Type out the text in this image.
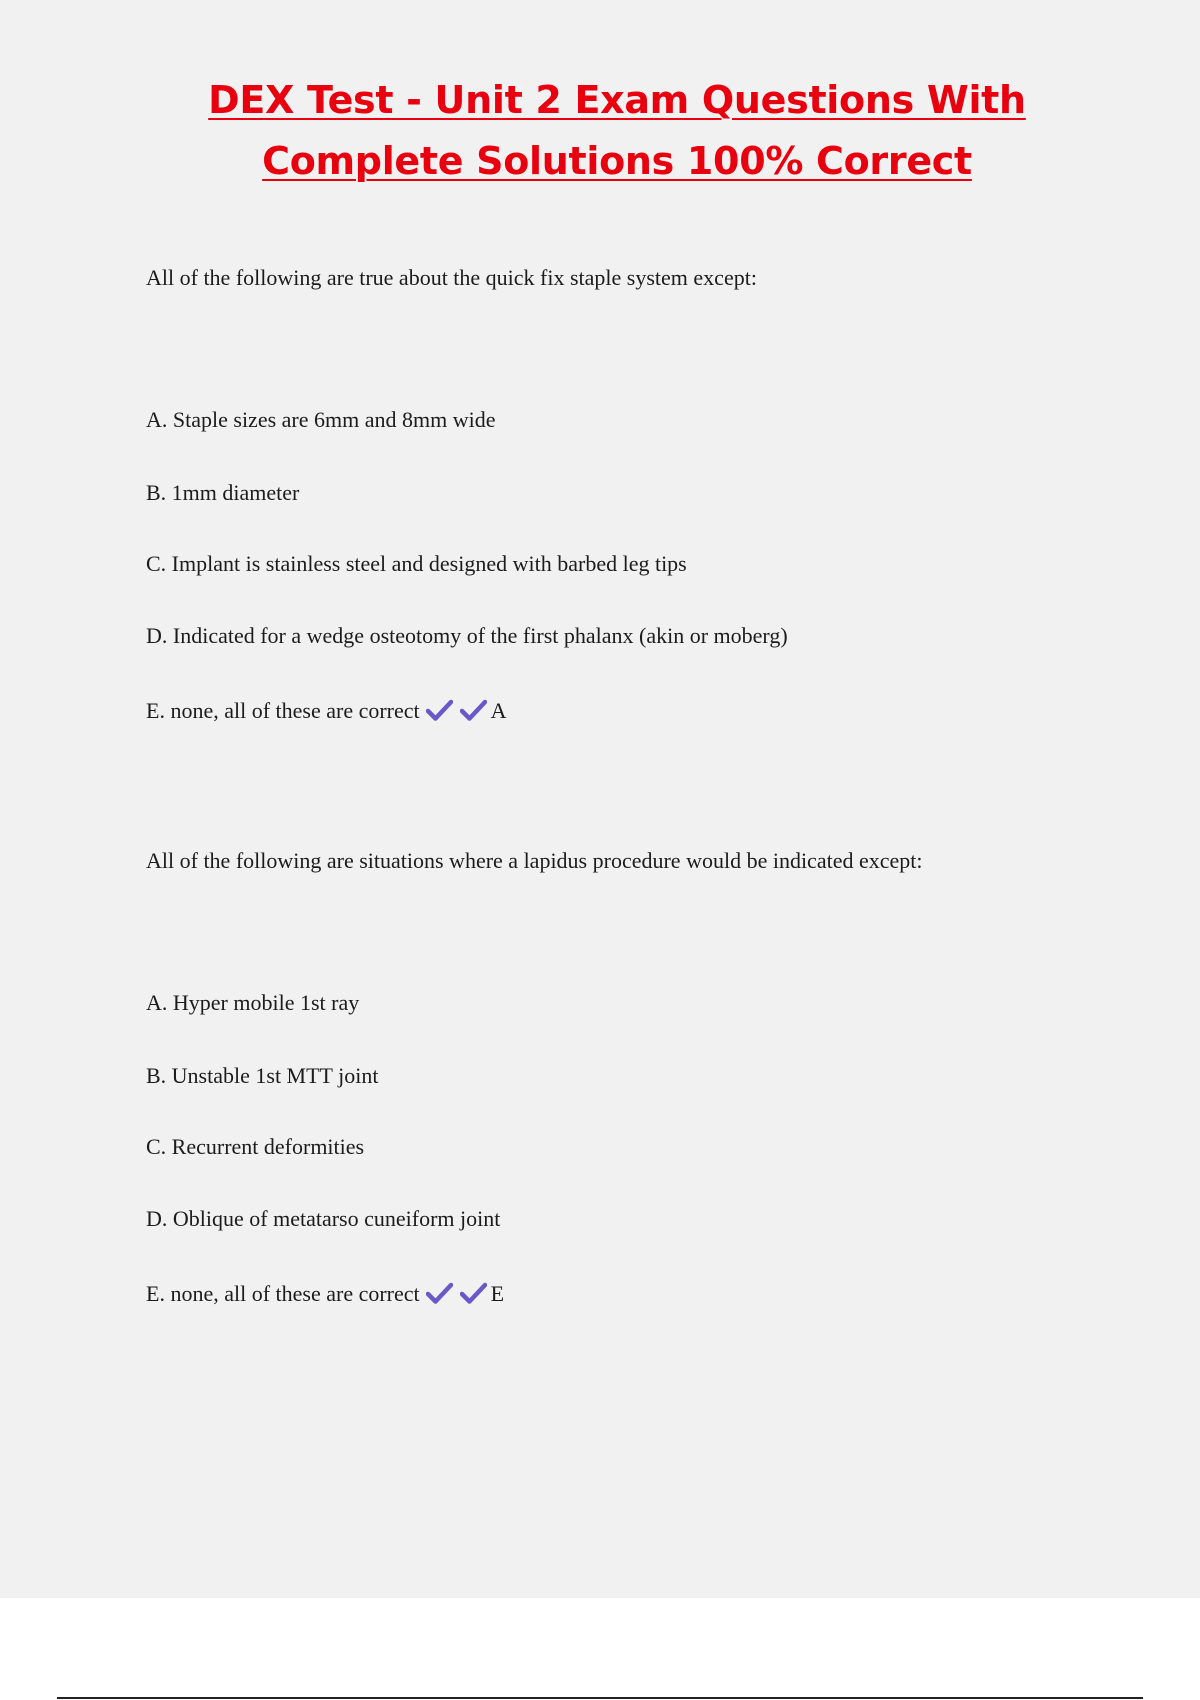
DEX Test - Unit 2 Exam Questions With
Complete Solutions 100% Correct
All of the following are true about the quick fix staple system except:
A. Staple sizes are 6mm and 8mm wide
B. 1mm diameter
C. Implant is stainless steel and designed with barbed leg tips
D. Indicated for a wedge osteotomy of the first phalanx (akin or moberg)
E. none, all of these are correct	A
All of the following are situations where a lapidus procedure would be indicated except:
A. Hyper mobile 1st ray
B. Unstable 1st MTT joint
C. Recurrent deformities
D. Oblique of metatarso cuneiform joint
E. none, all of these are correct	E
